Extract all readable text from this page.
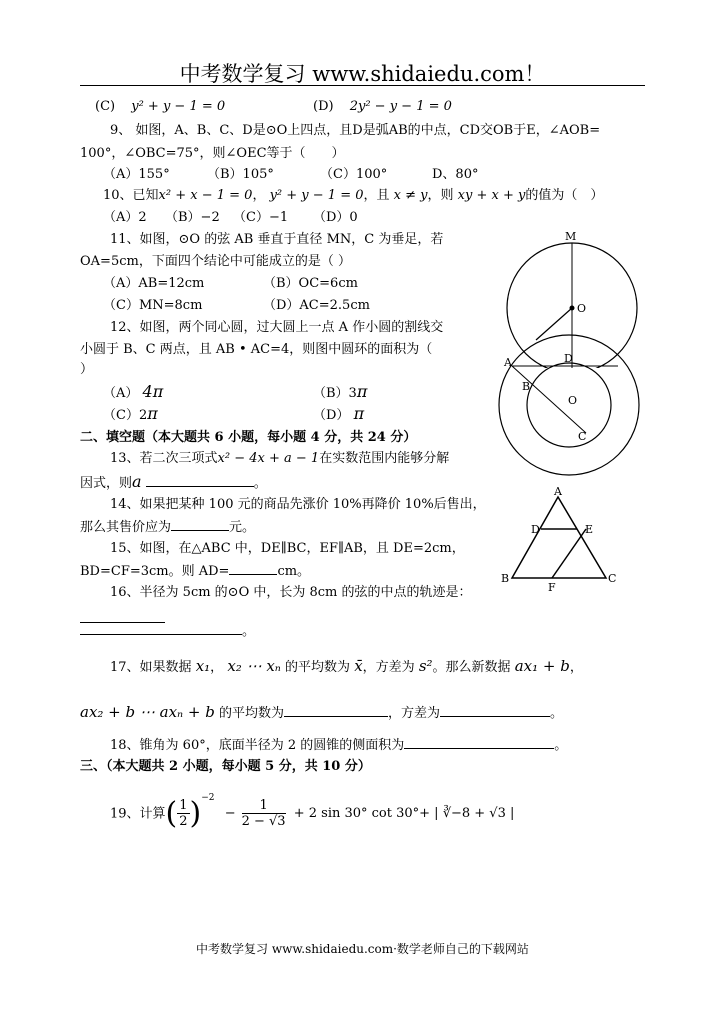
中考数学复习 www.shidaiedu.com！
(C) y² + y − 1 = 0	(D) 2y² − y − 1 = 0
9、 如图，A、B、C、D是⊙O上四点，且D是弧AB的中点，CD交OB于E，∠AOB=
100°，∠OBC=75°，则∠OEC等于（　　）
（A）155°	（B）105°	（C）100°	D、80°
10、已知x² + x − 1 = 0， y² + y − 1 = 0，且 x ≠ y，则 xy + x + y的值为（　）
（A）2 （B）−2 （C）−1 （D）0
11、如图，⊙O 的弦 AB 垂直于直径 MN，C 为垂足，若
OA=5cm，下面四个结论中可能成立的是（ ）
（A）AB=12cm	（B）OC=6cm
（C）MN=8cm	（D）AC=2.5cm
12、如图，两个同心圆，过大圆上一点 A 作小圆的割线交
小圆于 B、C 两点，且 AB • AC=4，则图中圆环的面积为（
）
（A） 4π	（B）3π
（C）2π	（D） π
二、填空题（本大题共 6 小题，每小题 4 分，共 24 分）
13、若二次三项式x² − 4x + a − 1在实数范围内能够分解
因式，则a	。
14、如果把某种 100 元的商品先涨价 10%再降价 10%后售出，
那么其售价应为	元。
15、如图，在△ABC 中，DE∥BC，EF∥AB，且 DE=2cm，
BD=CF=3cm。则 AD=	cm。
16、半径为 5cm 的⊙O 中，长为 8cm 的弦的中点的轨迹是：
。
17、如果数据 x₁， x₂ ⋯ xₙ 的平均数为 x̄，方差为 s²。那么新数据 ax₁ + b，
ax₂ + b ⋯ axₙ + b 的平均数为	，方差为	。
18、锥角为 60°，底面半径为 2 的圆锥的侧面积为	。
三、（本大题共 2 小题，每小题 5 分，共 10 分）
19、计算( $\frac{1}{2} )^{-2} - \frac{1}{2 - √3} + 2$ sin 30° cot 30°+ | ∛−8 + √3 |
M
O
A	D
B
O
C
A
D	E
B
F
C
中考数学复习 www.shidaiedu.com·数学老师自己的下载网站
